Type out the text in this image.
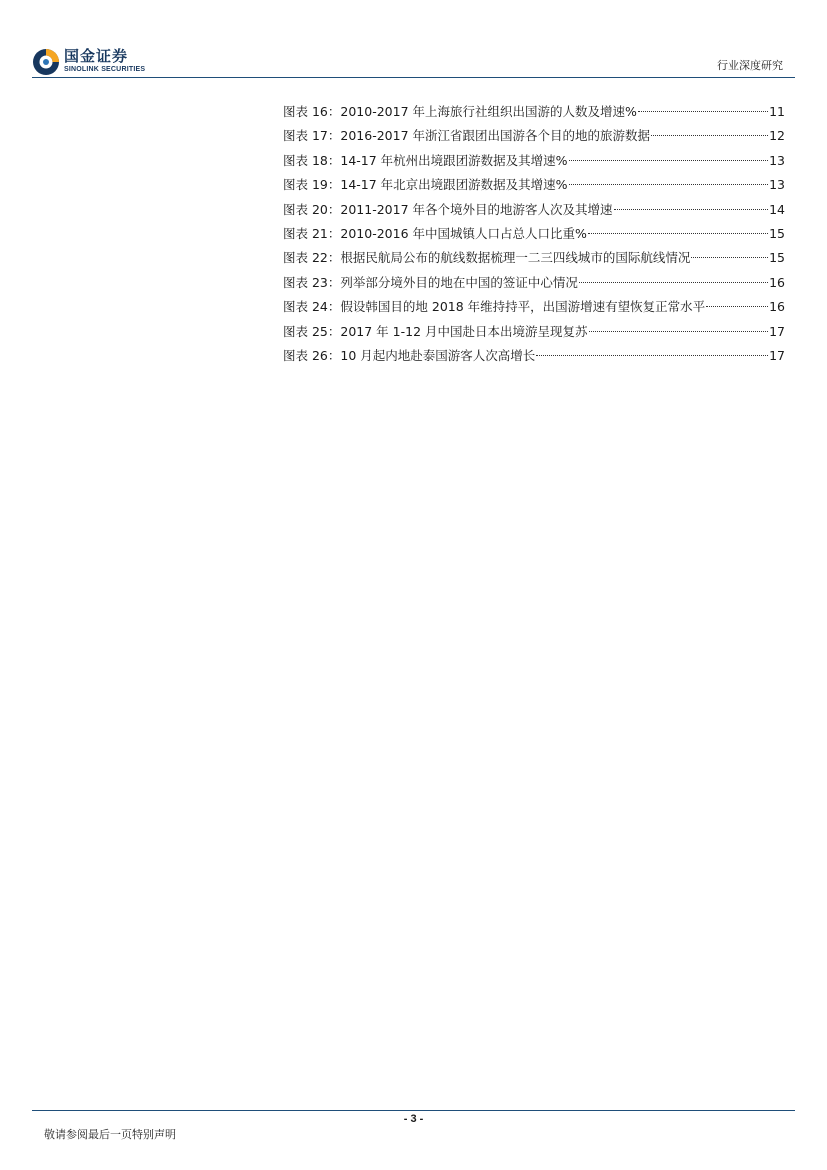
国金证券
SINOLINK SECURITIES	行业深度研究
图表 16： 2010-2017 年上海旅行社组织出国游的人数及增速%	11
图表 17： 2016-2017 年浙江省跟团出国游各个目的地的旅游数据	12
图表 18： 14-17 年杭州出境跟团游数据及其增速%	13
图表 19： 14-17 年北京出境跟团游数据及其增速%	13
图表 20： 2011-2017 年各个境外目的地游客人次及其增速	14
图表 21： 2010-2016 年中国城镇人口占总人口比重%	15
图表 22： 根据民航局公布的航线数据梳理一二三四线城市的国际航线情况	15
图表 23： 列举部分境外目的地在中国的签证中心情况	16
图表 24： 假设韩国目的地 2018 年维持持平，出国游增速有望恢复正常水平	16
图表 25： 2017 年 1-12 月中国赴日本出境游呈现复苏	17
图表 26： 10 月起内地赴泰国游客人次高增长	17
- 3 -
敬请参阅最后一页特别声明
